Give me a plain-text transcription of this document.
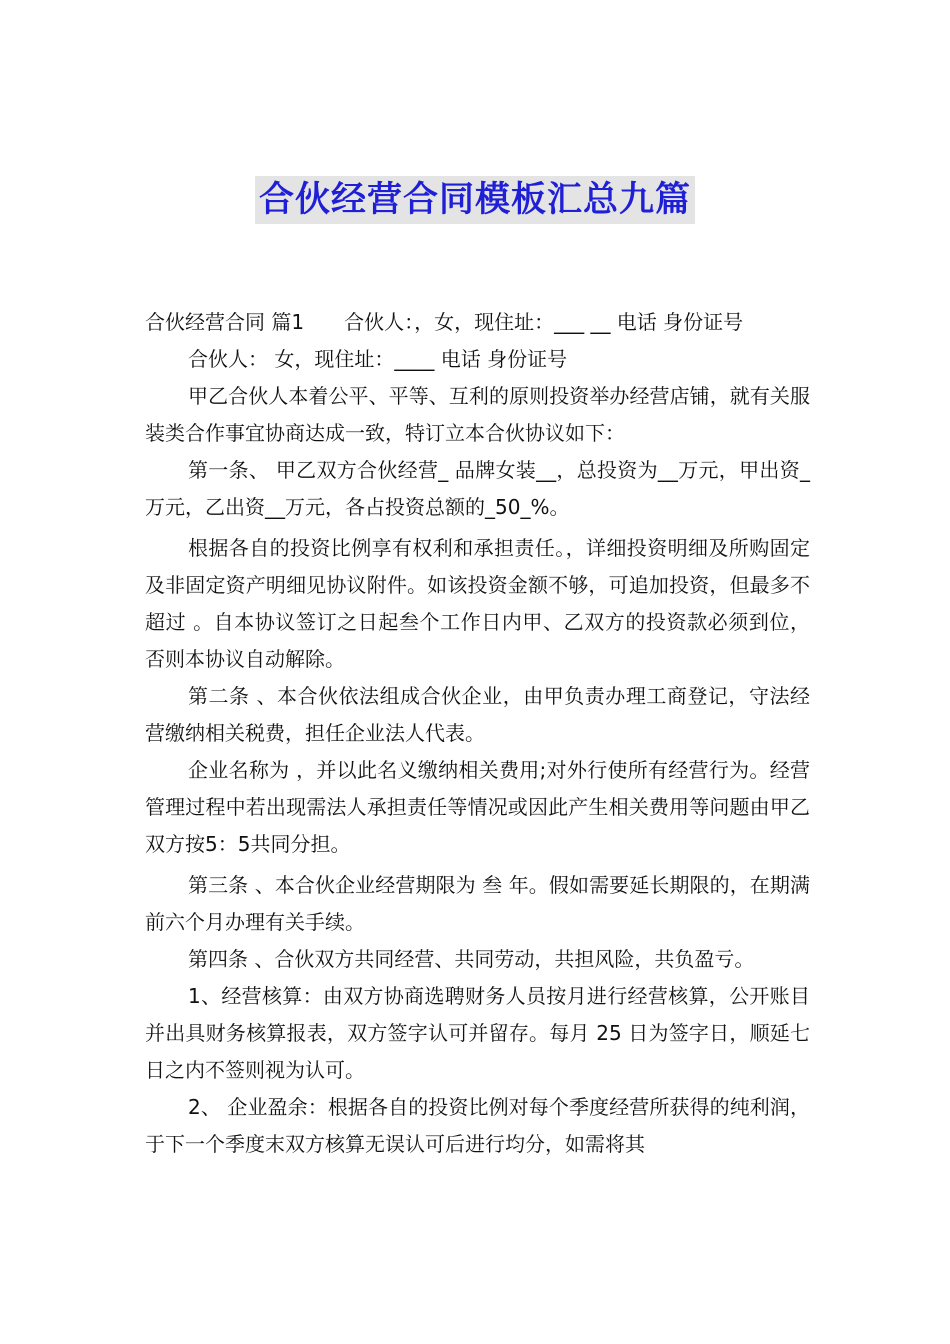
合伙经营合同模板汇总九篇

合伙经营合同 篇1　　合伙人：，女，现住址：___ __ 电话 身份证号

合伙人： 女，现住址：____ 电话 身份证号

甲乙合伙人本着公平、平等、互利的原则投资举办经营店铺，就有关服装类合作事宜协商达成一致，特订立本合伙协议如下：

第一条、 甲乙双方合伙经营_ 品牌女装__，总投资为__万元，甲出资_ 万元，乙出资__万元，各占投资总额的_50_%。

根据各自的投资比例享有权利和承担责任。，详细投资明细及所购固定及非固定资产明细见协议附件。如该投资金额不够，可追加投资，但最多不超过 。自本协议签订之日起叁个工作日内甲、乙双方的投资款必须到位，否则本协议自动解除。

第二条 、本合伙依法组成合伙企业，由甲负责办理工商登记，守法经营缴纳相关税费，担任企业法人代表。

企业名称为 ，并以此名义缴纳相关费用;对外行使所有经营行为。经营管理过程中若出现需法人承担责任等情况或因此产生相关费用等问题由甲乙双方按5：5共同分担。

第三条 、本合伙企业经营期限为 叁 年。假如需要延长期限的，在期满前六个月办理有关手续。

第四条 、合伙双方共同经营、共同劳动，共担风险，共负盈亏。

1、经营核算：由双方协商选聘财务人员按月进行经营核算，公开账目并出具财务核算报表，双方签字认可并留存。每月 25 日为签字日，顺延七日之内不签则视为认可。

2、 企业盈余：根据各自的投资比例对每个季度经营所获得的纯利润，于下一个季度末双方核算无误认可后进行均分，如需将其
